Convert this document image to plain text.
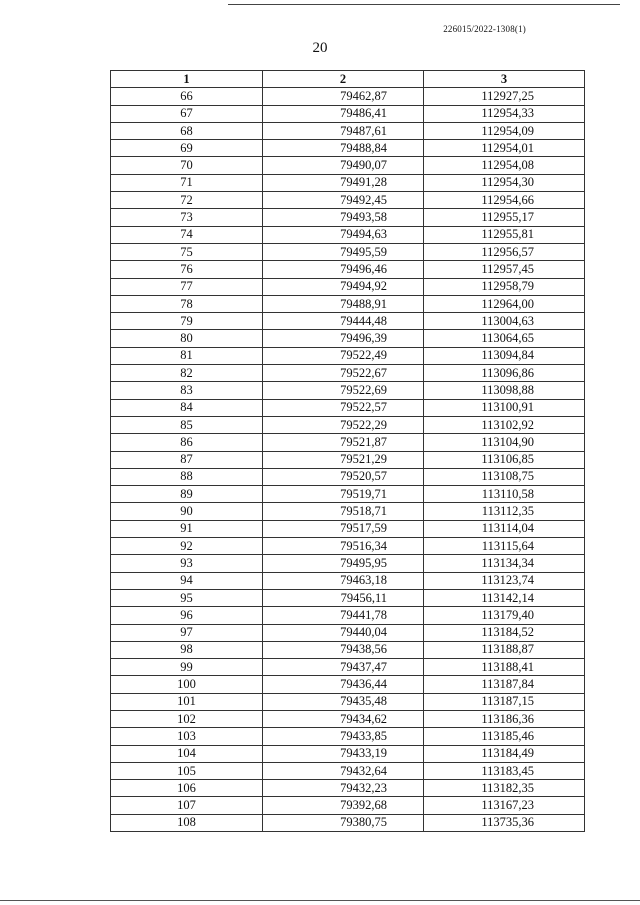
226015/2022-1308(1)
20
1	2	3
66	79462,87	112927,25
67	79486,41	112954,33
68	79487,61	112954,09
69	79488,84	112954,01
70	79490,07	112954,08
71	79491,28	112954,30
72	79492,45	112954,66
73	79493,58	112955,17
74	79494,63	112955,81
75	79495,59	112956,57
76	79496,46	112957,45
77	79494,92	112958,79
78	79488,91	112964,00
79	79444,48	113004,63
80	79496,39	113064,65
81	79522,49	113094,84
82	79522,67	113096,86
83	79522,69	113098,88
84	79522,57	113100,91
85	79522,29	113102,92
86	79521,87	113104,90
87	79521,29	113106,85
88	79520,57	113108,75
89	79519,71	113110,58
90	79518,71	113112,35
91	79517,59	113114,04
92	79516,34	113115,64
93	79495,95	113134,34
94	79463,18	113123,74
95	79456,11	113142,14
96	79441,78	113179,40
97	79440,04	113184,52
98	79438,56	113188,87
99	79437,47	113188,41
100	79436,44	113187,84
101	79435,48	113187,15
102	79434,62	113186,36
103	79433,85	113185,46
104	79433,19	113184,49
105	79432,64	113183,45
106	79432,23	113182,35
107	79392,68	113167,23
108	79380,75	113735,36
